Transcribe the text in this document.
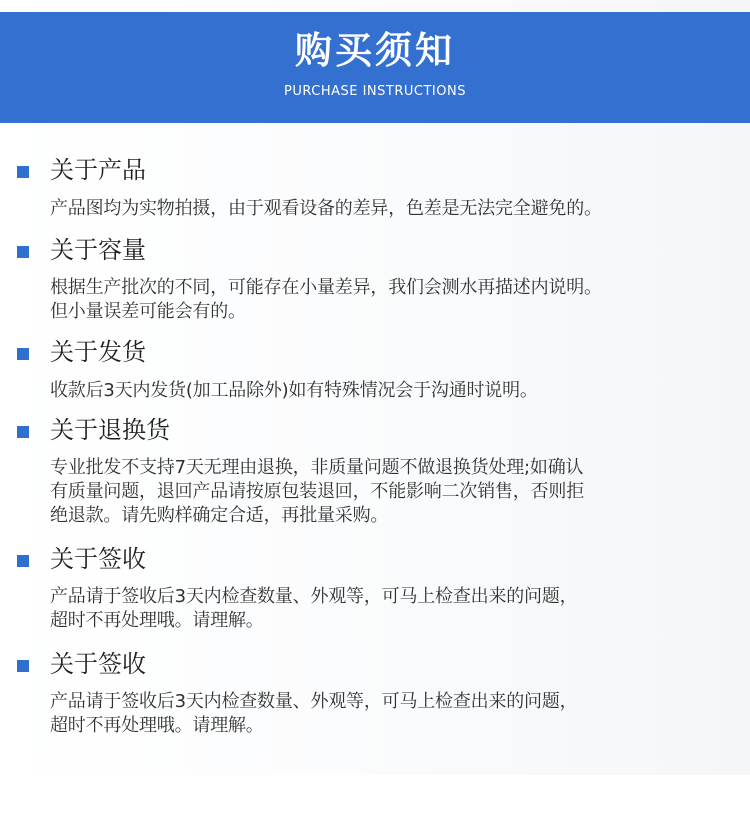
购买须知
PURCHASE INSTRUCTIONS
关于产品
产品图均为实物拍摄，由于观看设备的差异，色差是无法完全避免的。
关于容量
根据生产批次的不同，可能存在小量差异，我们会测水再描述内说明。
但小量误差可能会有的。
关于发货
收款后3天内发货(加工品除外)如有特殊情况会于沟通时说明。
关于退换货
专业批发不支持7天无理由退换，非质量问题不做退换货处理;如确认
有质量问题，退回产品请按原包装退回，不能影响二次销售，否则拒
绝退款。请先购样确定合适，再批量采购。
关于签收
产品请于签收后3天内检查数量、外观等，可马上检查出来的问题，
超时不再处理哦。请理解。
关于签收
产品请于签收后3天内检查数量、外观等，可马上检查出来的问题，
超时不再处理哦。请理解。
